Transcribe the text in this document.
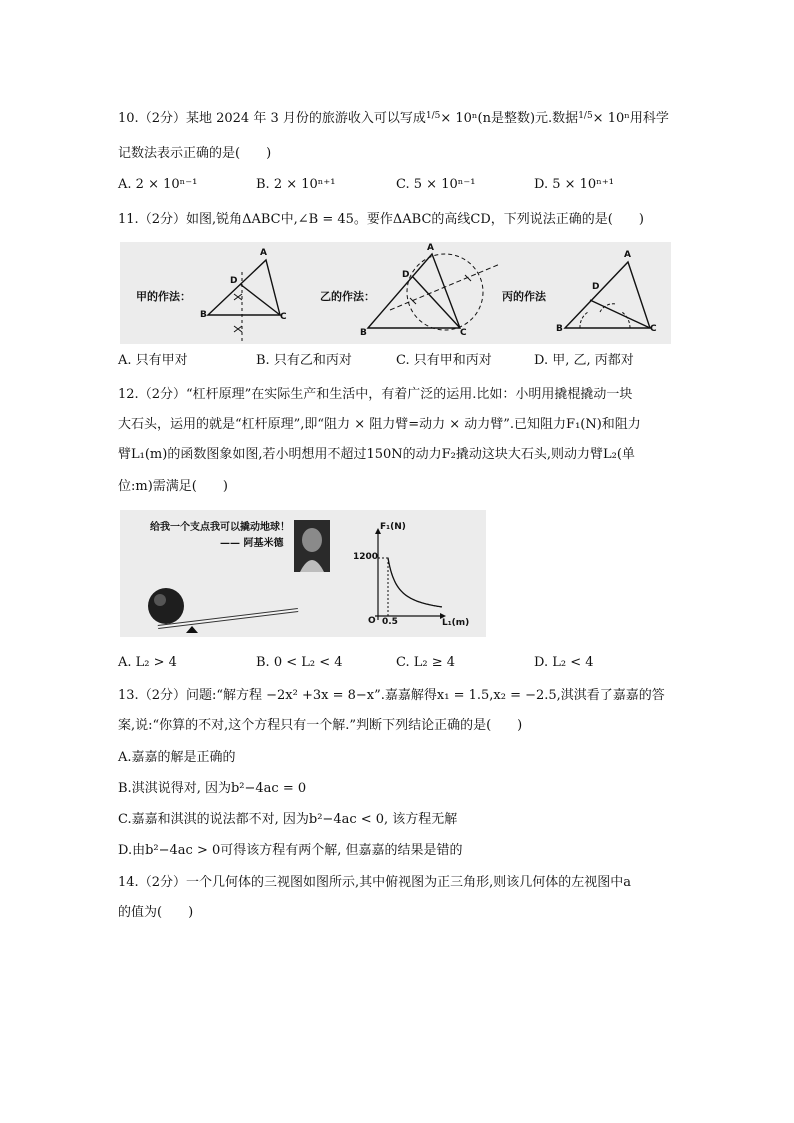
10.（2分）某地 2024 年 3 月份的旅游收入可以写成$^{1/5}$× 10ⁿ(n是整数)元.数据$^{1/5}$× 10ⁿ用科学
记数法表示正确的是(　　)
A. 2 × 10ⁿ⁻¹	B. 2 × 10ⁿ⁺¹	C. 5 × 10ⁿ⁻¹	D. 5 × 10ⁿ⁺¹
11.（2分）如图,锐角ΔABC中,∠B = 45。要作ΔABC的高线CD，下列说法正确的是(　　)
甲的作法：	乙的作法：	丙的作法
A
D
B	C
A
D
B	C
A
D
B	C
A. 只有甲对	B. 只有乙和丙对	C. 只有甲和丙对	D. 甲, 乙, 丙都对
12.（2分）“杠杆原理”在实际生产和生活中，有着广泛的运用.比如：小明用撬棍撬动一块
大石头，运用的就是“杠杆原理”,即“阻力 × 阻力臂=动力 × 动力臂”.已知阻力F₁(N)和阻力
臂L₁(m)的函数图象如图,若小明想用不超过150N的动力F₂撬动这块大石头,则动力臂L₂(单
位:m)需满足(　　)
给我一个支点我可以撬动地球！
—— 阿基米德
F₁(N)
L₁(m)
1200
0.5
O
A. L₂ > 4	B. 0 < L₂ < 4	C. L₂ ≥ 4	D. L₂ < 4
13.（2分）问题:“解方程 −2x² +3x = 8−x”.嘉嘉解得x₁ = 1.5,x₂ = −2.5,淇淇看了嘉嘉的答
案,说:“你算的不对,这个方程只有一个解.”判断下列结论正确的是(　　)
A.嘉嘉的解是正确的
B.淇淇说得对, 因为b²−4ac = 0
C.嘉嘉和淇淇的说法都不对, 因为b²−4ac < 0, 该方程无解
D.由b²−4ac > 0可得该方程有两个解, 但嘉嘉的结果是错的
14.（2分）一个几何体的三视图如图所示,其中俯视图为正三角形,则该几何体的左视图中a
的值为(　　)
